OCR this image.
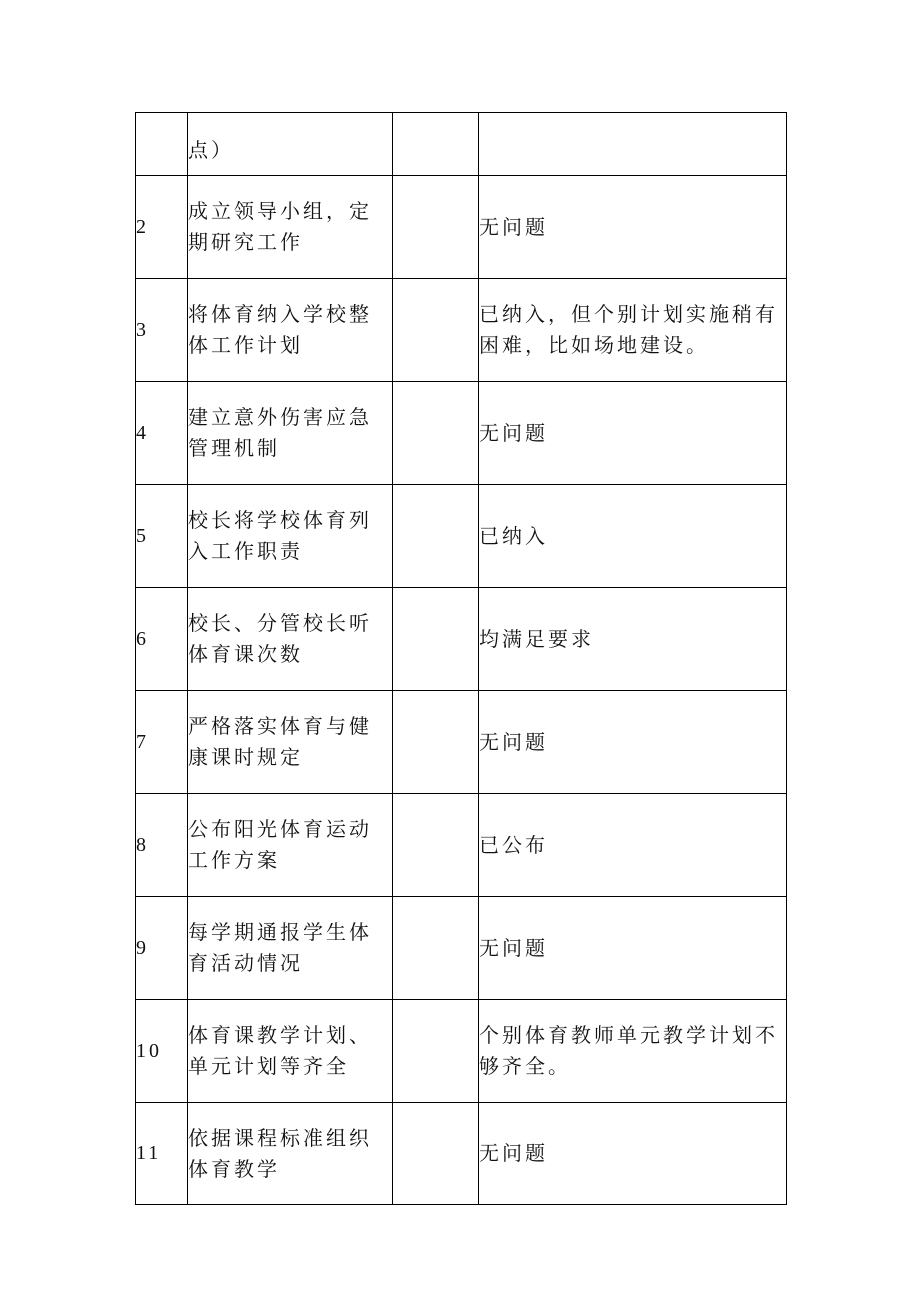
	点）		
2	成立领导小组，定期研究工作		无问题
3	将体育纳入学校整体工作计划		已纳入，但个别计划实施稍有困难，比如场地建设。
4	建立意外伤害应急管理机制		无问题
5	校长将学校体育列入工作职责		已纳入
6	校长、分管校长听体育课次数		均满足要求
7	严格落实体育与健康课时规定		无问题
8	公布阳光体育运动工作方案		已公布
9	每学期通报学生体育活动情况		无问题
10	体育课教学计划、单元计划等齐全		个别体育教师单元教学计划不够齐全。
11	依据课程标准组织体育教学		无问题
